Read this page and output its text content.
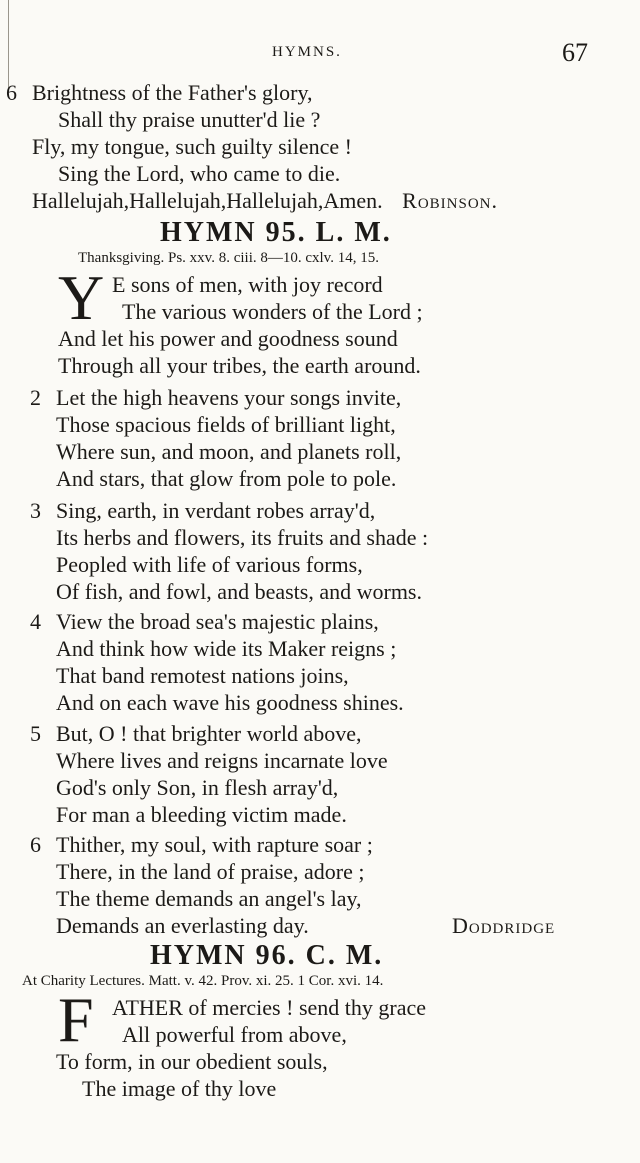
HYMNS.	67
6 Brightness of the Father's glory,
Shall thy praise unutter'd lie ?
Fly, my tongue, such guilty silence !
Sing the Lord, who came to die.
Hallelujah,Hallelujah,Hallelujah,Amen. Robinson.
HYMN 95. L. M.
Thanksgiving. Ps. xxv. 8. ciii. 8—10. cxlv. 14, 15.
Y E sons of men, with joy record
The various wonders of the Lord ;
And let his power and goodness sound
Through all your tribes, the earth around.
2 Let the high heavens your songs invite,
Those spacious fields of brilliant light,
Where sun, and moon, and planets roll,
And stars, that glow from pole to pole.
3 Sing, earth, in verdant robes array'd,
Its herbs and flowers, its fruits and shade :
Peopled with life of various forms,
Of fish, and fowl, and beasts, and worms.
4 View the broad sea's majestic plains,
And think how wide its Maker reigns ;
That band remotest nations joins,
And on each wave his goodness shines.
5 But, O ! that brighter world above,
Where lives and reigns incarnate love
God's only Son, in flesh array'd,
For man a bleeding victim made.
6 Thither, my soul, with rapture soar ;
There, in the land of praise, adore ;
The theme demands an angel's lay,
Demands an everlasting day.	Doddridge
HYMN 96. C. M.
At Charity Lectures. Matt. v. 42. Prov. xi. 25. 1 Cor. xvi. 14.
F ATHER of mercies ! send thy grace
All powerful from above,
To form, in our obedient souls,
The image of thy love
